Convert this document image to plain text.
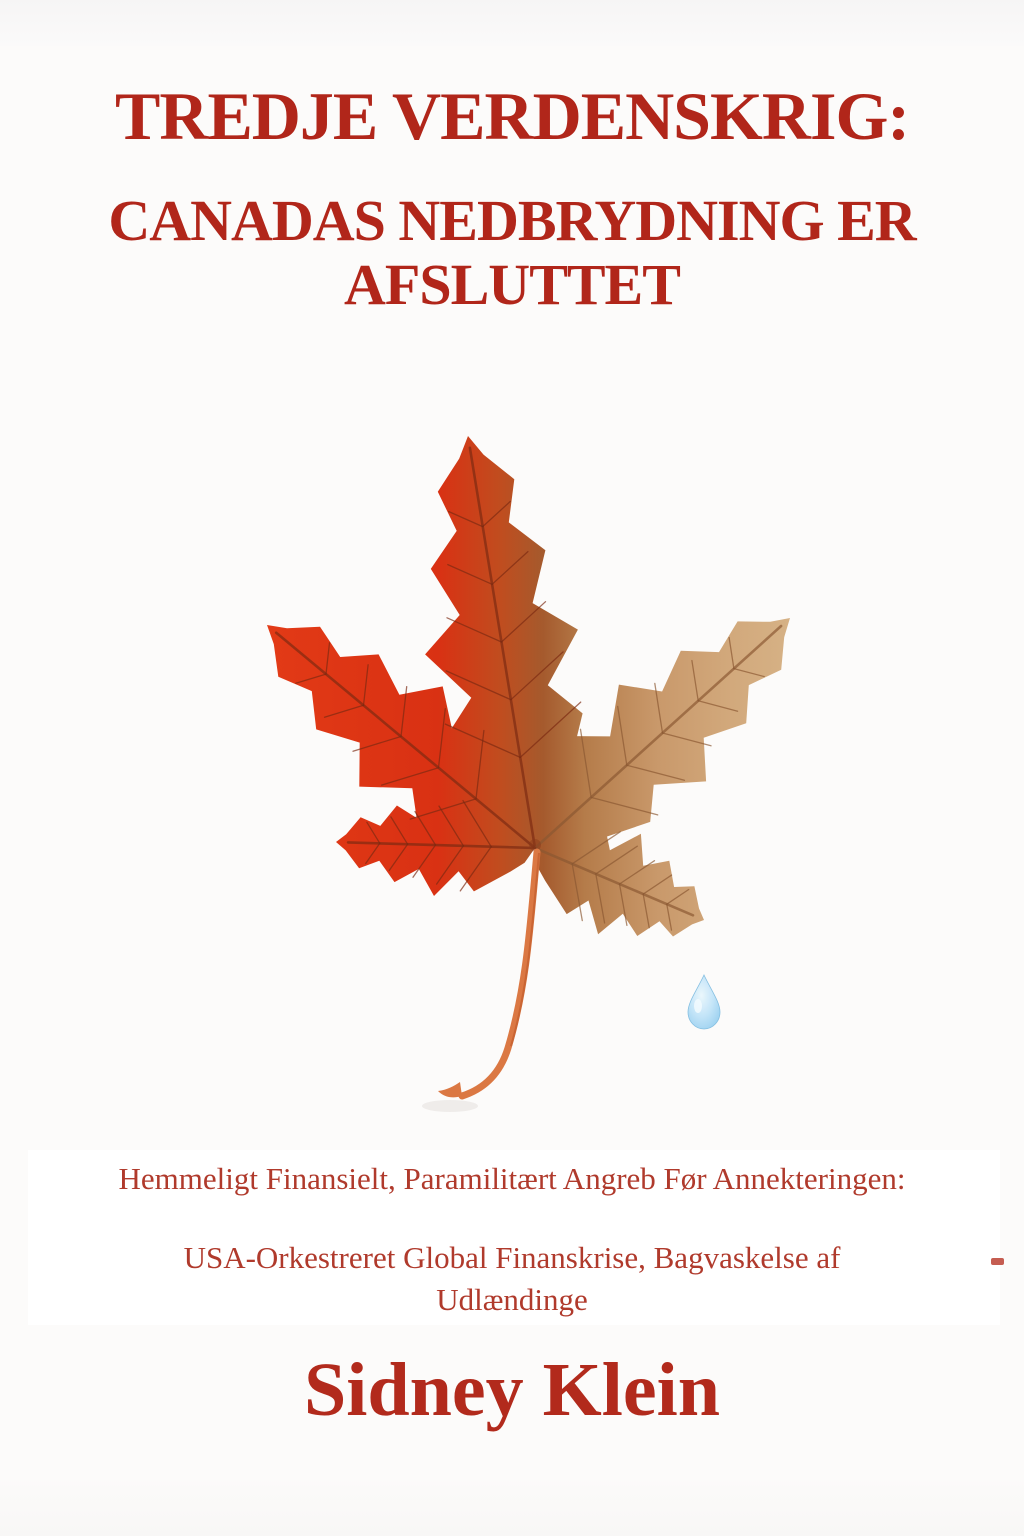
TREDJE VERDENSKRIG:
CANADAS NEDBRYDNING ER
AFSLUTTET
Hemmeligt Finansielt, Paramilitært Angreb Før Annekteringen:
USA-Orkestreret Global Finanskrise, Bagvaskelse af
Udlændinge
Sidney Klein
